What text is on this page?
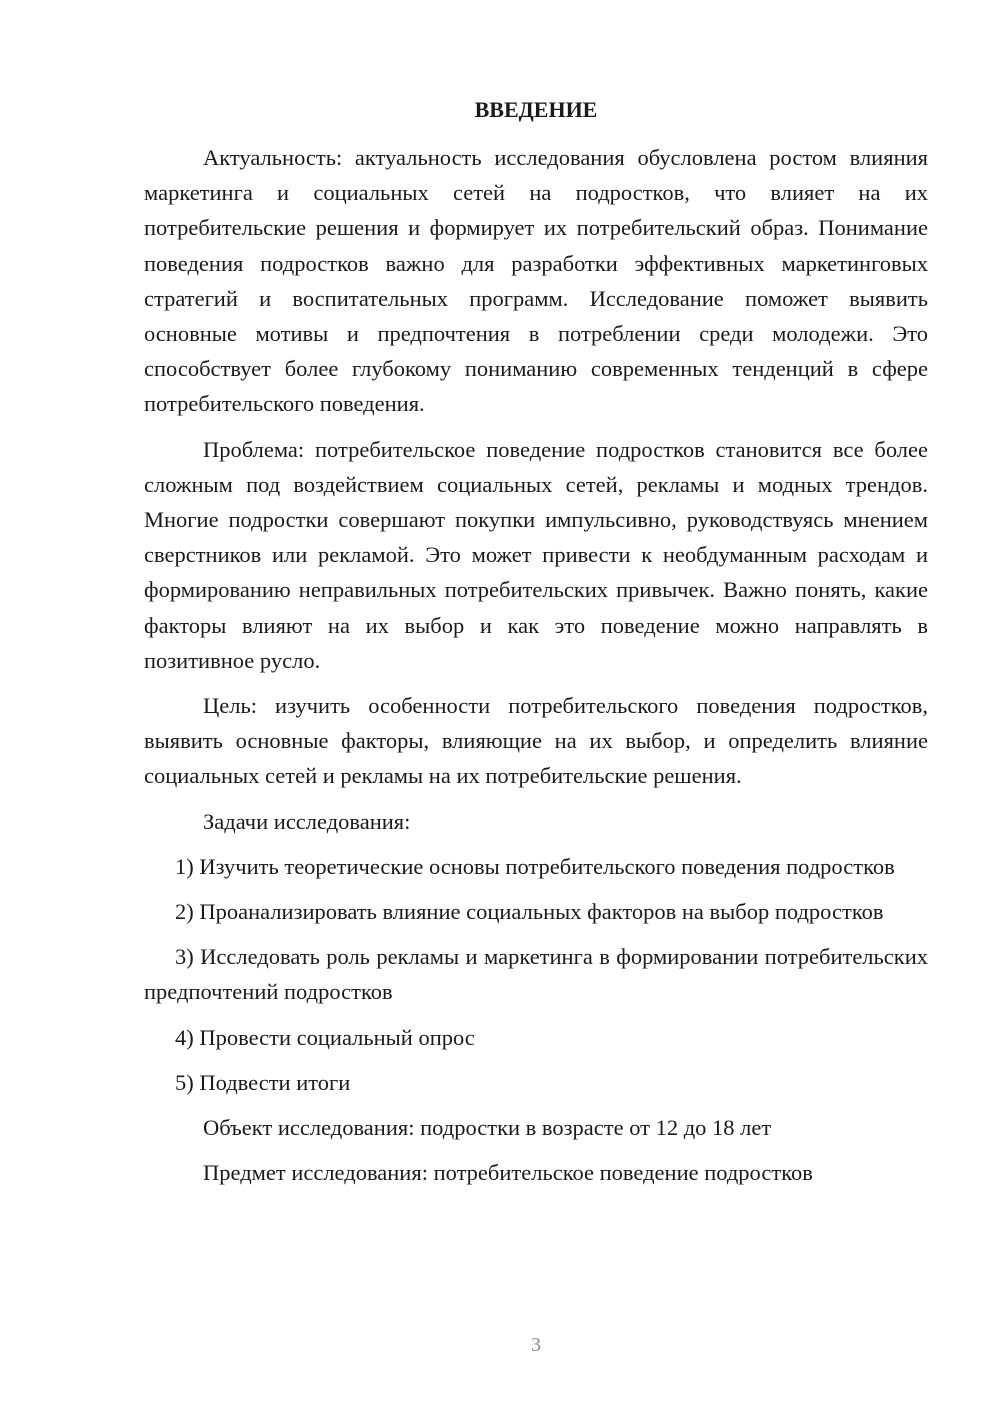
ВВЕДЕНИЕ

Актуальность: актуальность исследования обусловлена ростом влияния маркетинга и социальных сетей на подростков, что влияет на их потребительские решения и формирует их потребительский образ. Понимание поведения подростков важно для разработки эффективных маркетинговых стратегий и воспитательных программ. Исследование поможет выявить основные мотивы и предпочтения в потреблении среди молодежи. Это способствует более глубокому пониманию современных тенденций в сфере потребительского поведения.

Проблема: потребительское поведение подростков становится все более сложным под воздействием социальных сетей, рекламы и модных трендов. Многие подростки совершают покупки импульсивно, руководствуясь мнением сверстников или рекламой. Это может привести к необдуманным расходам и формированию неправильных потребительских привычек. Важно понять, какие факторы влияют на их выбор и как это поведение можно направлять в позитивное русло.

Цель: изучить особенности потребительского поведения подростков, выявить основные факторы, влияющие на их выбор, и определить влияние социальных сетей и рекламы на их потребительские решения.

Задачи исследования:

1) Изучить теоретические основы потребительского поведения подростков

2) Проанализировать влияние социальных факторов на выбор подростков

3) Исследовать роль рекламы и маркетинга в формировании потребительских предпочтений подростков

4) Провести социальный опрос

5) Подвести итоги

Объект исследования: подростки в возрасте от 12 до 18 лет

Предмет исследования: потребительское поведение подростков

3
